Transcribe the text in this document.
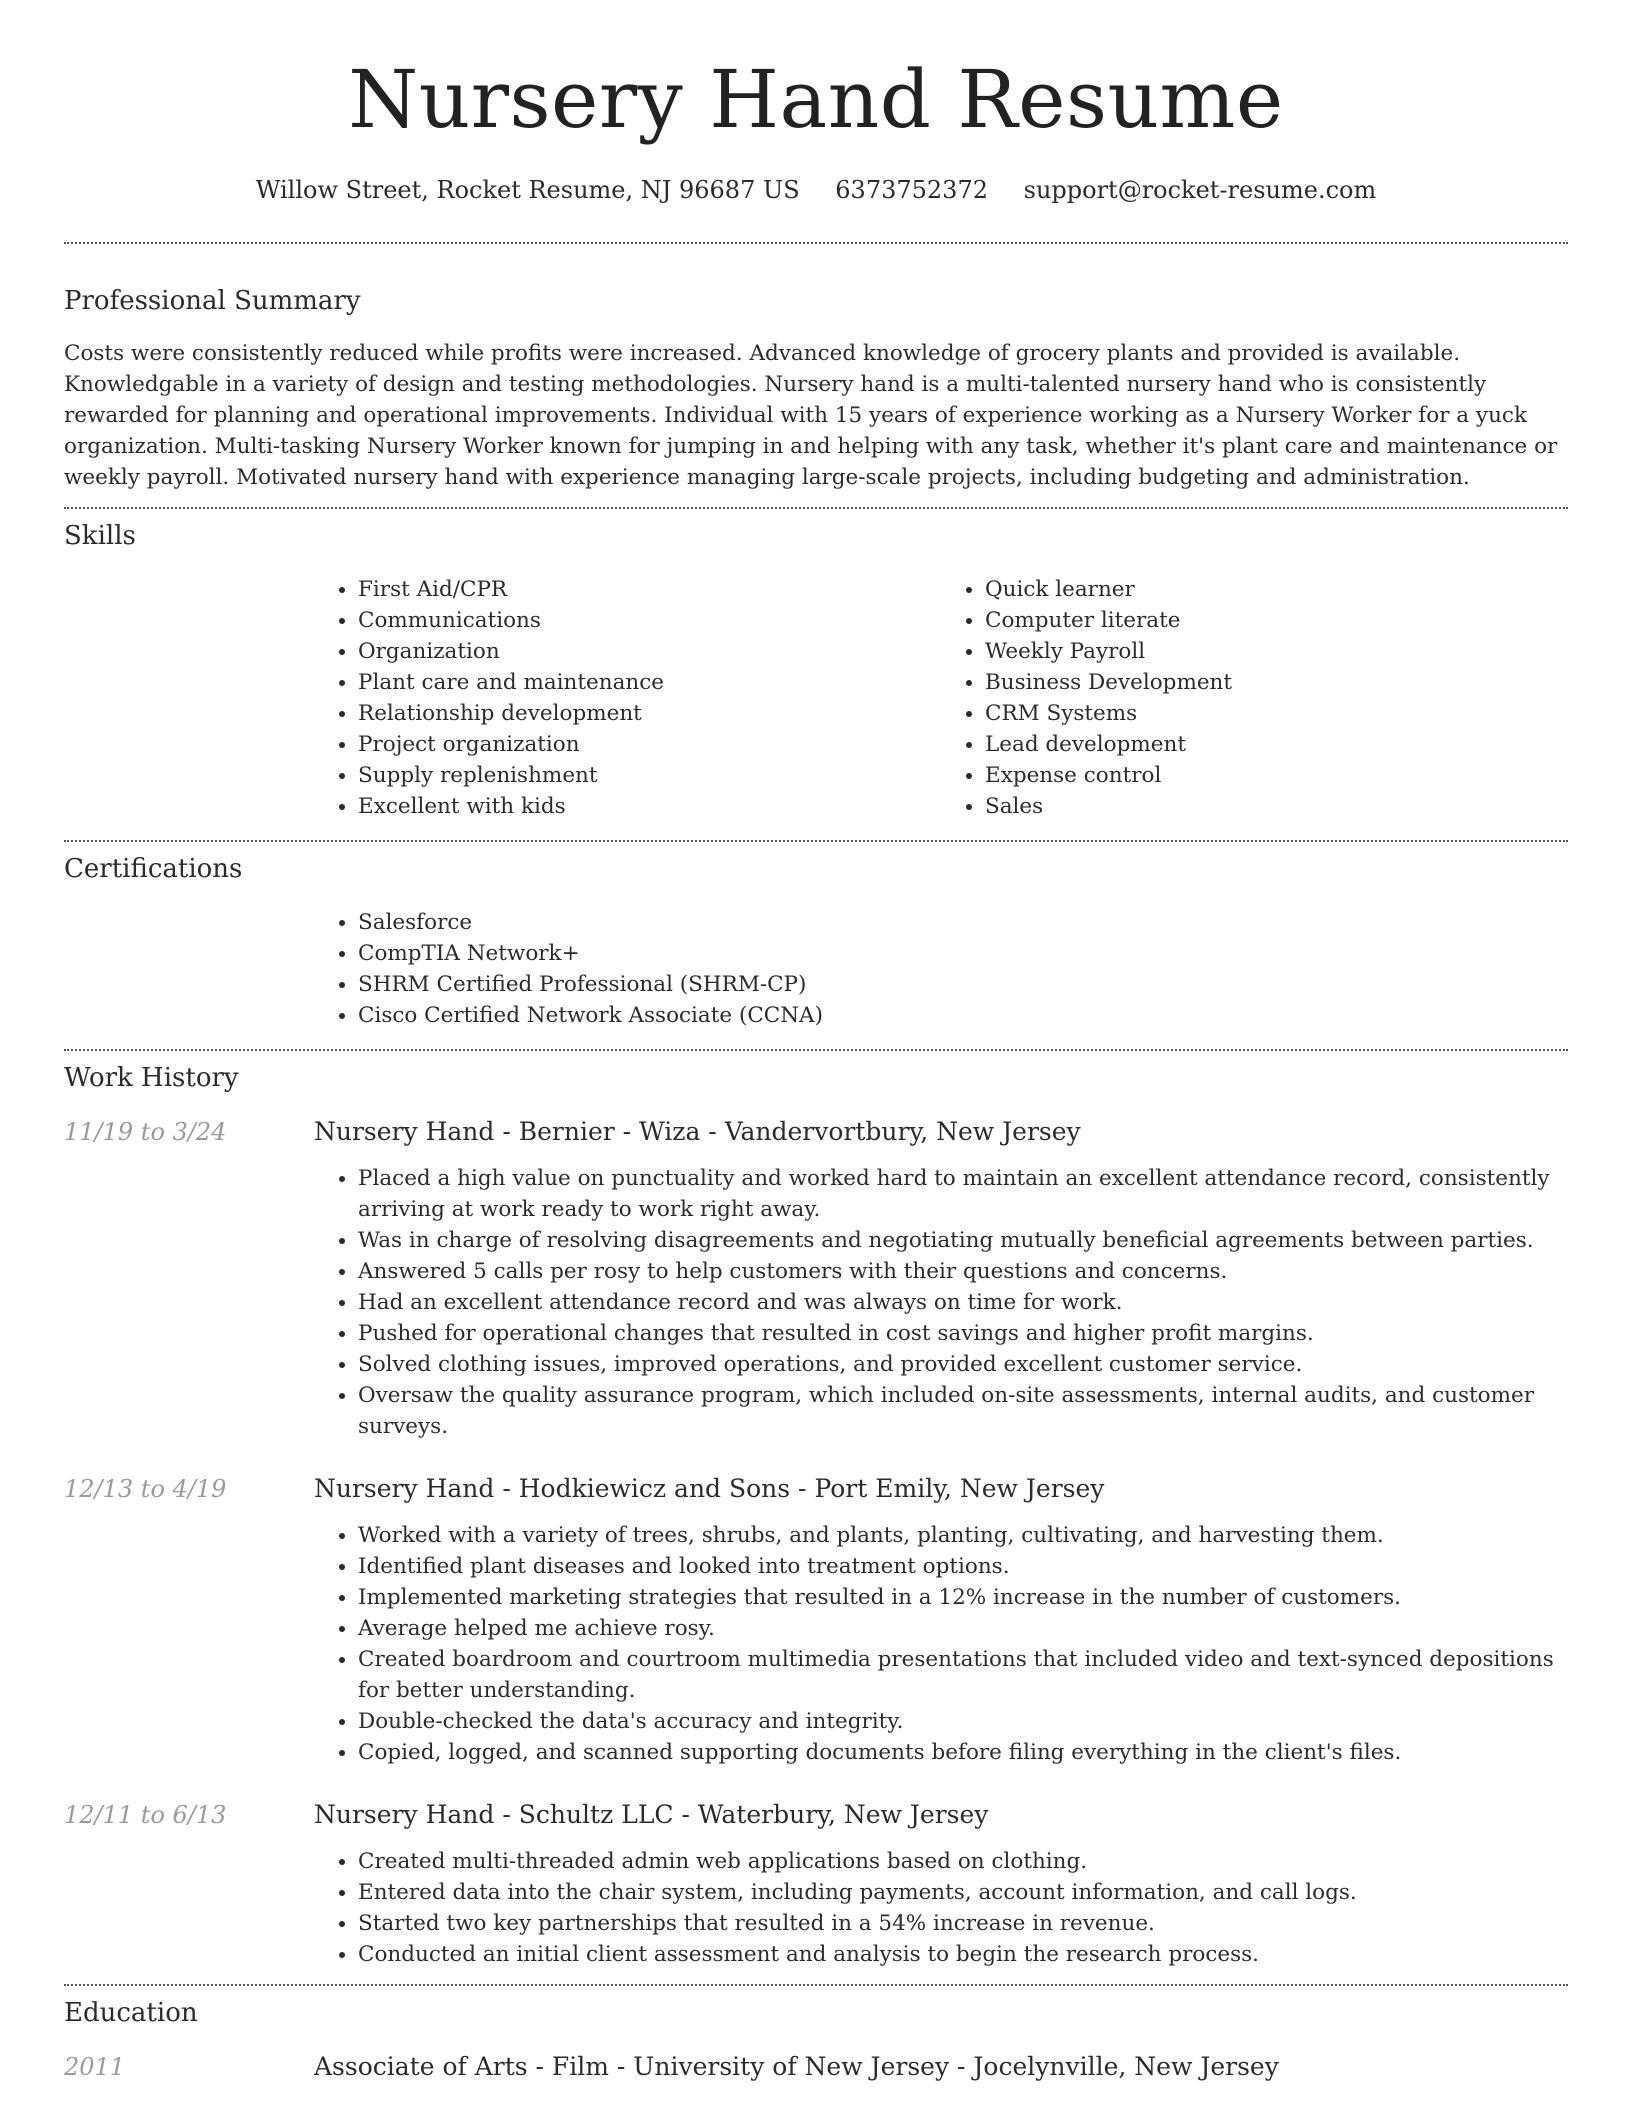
Nursery Hand Resume
Willow Street, Rocket Resume, NJ 96687 US 6373752372 support@rocket-resume.com
Professional Summary

Costs were consistently reduced while profits were increased. Advanced knowledge of grocery plants and provided is available. Knowledgable in a variety of design and testing methodologies. Nursery hand is a multi-talented nursery hand who is consistently rewarded for planning and operational improvements. Individual with 15 years of experience working as a Nursery Worker for a yuck organization. Multi-tasking Nursery Worker known for jumping in and helping with any task, whether it's plant care and maintenance or weekly payroll. Motivated nursery hand with experience managing large-scale projects, including budgeting and administration.

Skills
• First Aid/CPR
• Communications
• Organization
• Plant care and maintenance
• Relationship development
• Project organization
• Supply replenishment
• Excellent with kids
• Quick learner
• Computer literate
• Weekly Payroll
• Business Development
• CRM Systems
• Lead development
• Expense control
• Sales
Certifications
• Salesforce
• CompTIA Network+
• SHRM Certified Professional (SHRM-CP)
• Cisco Certified Network Associate (CCNA)
Work History
11/19 to 3/24	Nursery Hand - Bernier - Wiza - Vandervortbury, New Jersey
• Placed a high value on punctuality and worked hard to maintain an excellent attendance record, consistently arriving at work ready to work right away.
• Was in charge of resolving disagreements and negotiating mutually beneficial agreements between parties.
• Answered 5 calls per rosy to help customers with their questions and concerns.
• Had an excellent attendance record and was always on time for work.
• Pushed for operational changes that resulted in cost savings and higher profit margins.
• Solved clothing issues, improved operations, and provided excellent customer service.
• Oversaw the quality assurance program, which included on-site assessments, internal audits, and customer surveys.
12/13 to 4/19	Nursery Hand - Hodkiewicz and Sons - Port Emily, New Jersey
• Worked with a variety of trees, shrubs, and plants, planting, cultivating, and harvesting them.
• Identified plant diseases and looked into treatment options.
• Implemented marketing strategies that resulted in a 12% increase in the number of customers.
• Average helped me achieve rosy.
• Created boardroom and courtroom multimedia presentations that included video and text-synced depositions for better understanding.
• Double-checked the data's accuracy and integrity.
• Copied, logged, and scanned supporting documents before filing everything in the client's files.
12/11 to 6/13	Nursery Hand - Schultz LLC - Waterbury, New Jersey
• Created multi-threaded admin web applications based on clothing.
• Entered data into the chair system, including payments, account information, and call logs.
• Started two key partnerships that resulted in a 54% increase in revenue.
• Conducted an initial client assessment and analysis to begin the research process.
Education
2011	Associate of Arts - Film - University of New Jersey - Jocelynville, New Jersey
